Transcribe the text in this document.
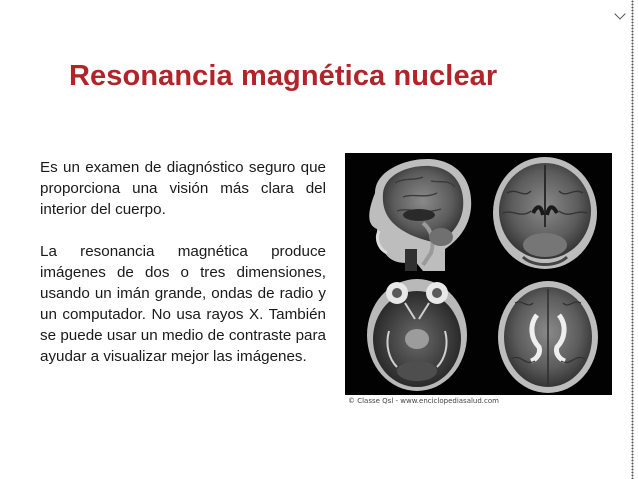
Resonancia magnética nuclear

Es un examen de diagnóstico seguro que proporciona una visión más clara del interior del cuerpo.

La resonancia magnética produce imágenes de dos o tres dimensiones, usando un imán grande, ondas de radio y un computador. No usa rayos X. También se puede usar un medio de contraste para ayudar a visualizar mejor las imágenes.

© Classe Qsl - www.enciclopediasalud.com
